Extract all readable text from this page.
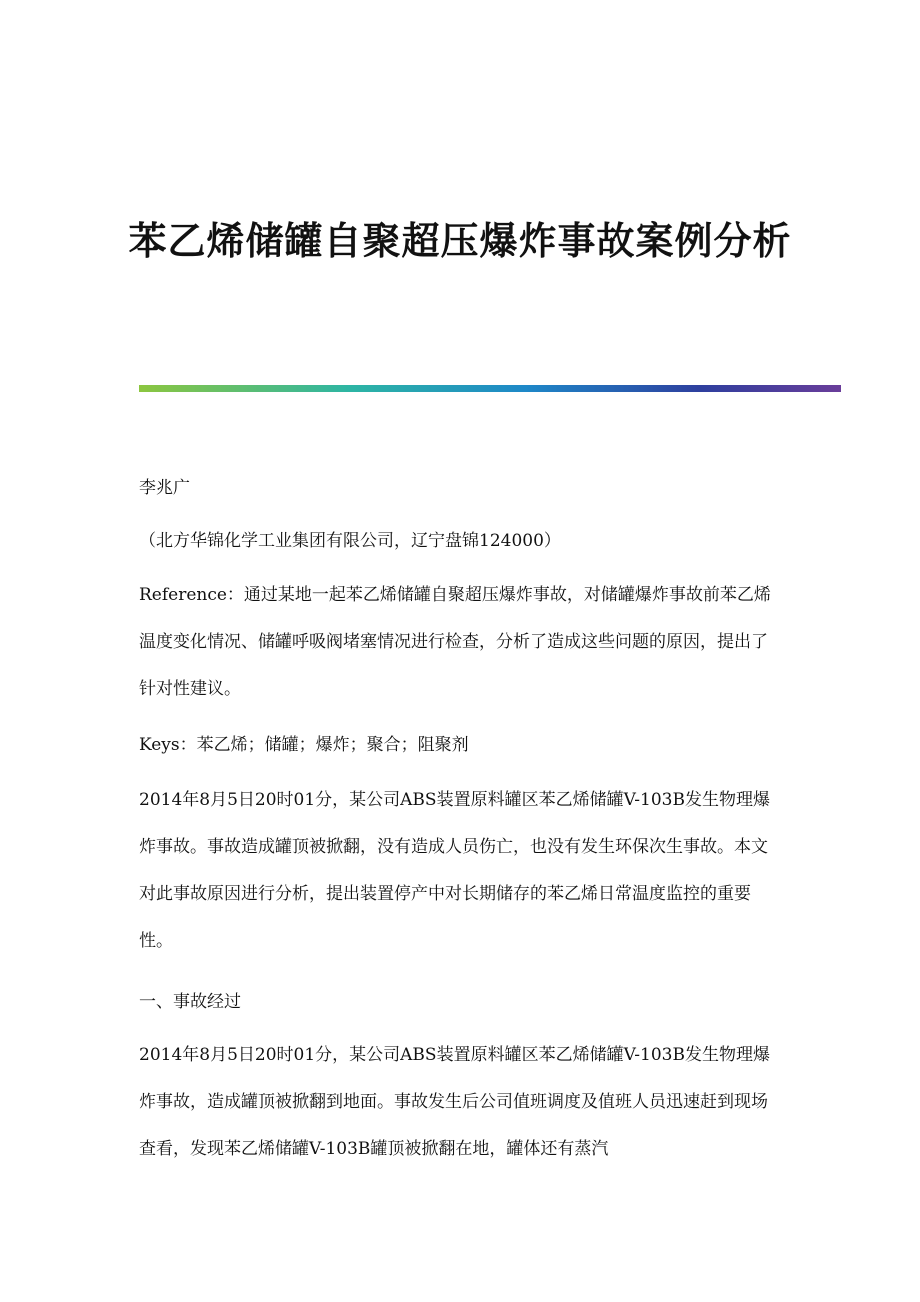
苯乙烯储罐自聚超压爆炸事故案例分析

李兆广

（北方华锦化学工业集团有限公司，辽宁盘锦124000）

Reference：通过某地一起苯乙烯储罐自聚超压爆炸事故，对储罐爆炸事故前苯乙烯温度变化情况、储罐呼吸阀堵塞情况进行检查，分析了造成这些问题的原因，提出了针对性建议。

Keys：苯乙烯；储罐；爆炸；聚合；阻聚剂

2014年8月5日20时01分，某公司ABS装置原料罐区苯乙烯储罐V-103B发生物理爆炸事故。事故造成罐顶被掀翻，没有造成人员伤亡，也没有发生环保次生事故。本文对此事故原因进行分析，提出装置停产中对长期储存的苯乙烯日常温度监控的重要性。

一、事故经过

2014年8月5日20时01分，某公司ABS装置原料罐区苯乙烯储罐V-103B发生物理爆炸事故，造成罐顶被掀翻到地面。事故发生后公司值班调度及值班人员迅速赶到现场查看，发现苯乙烯储罐V-103B罐顶被掀翻在地，罐体还有蒸汽
